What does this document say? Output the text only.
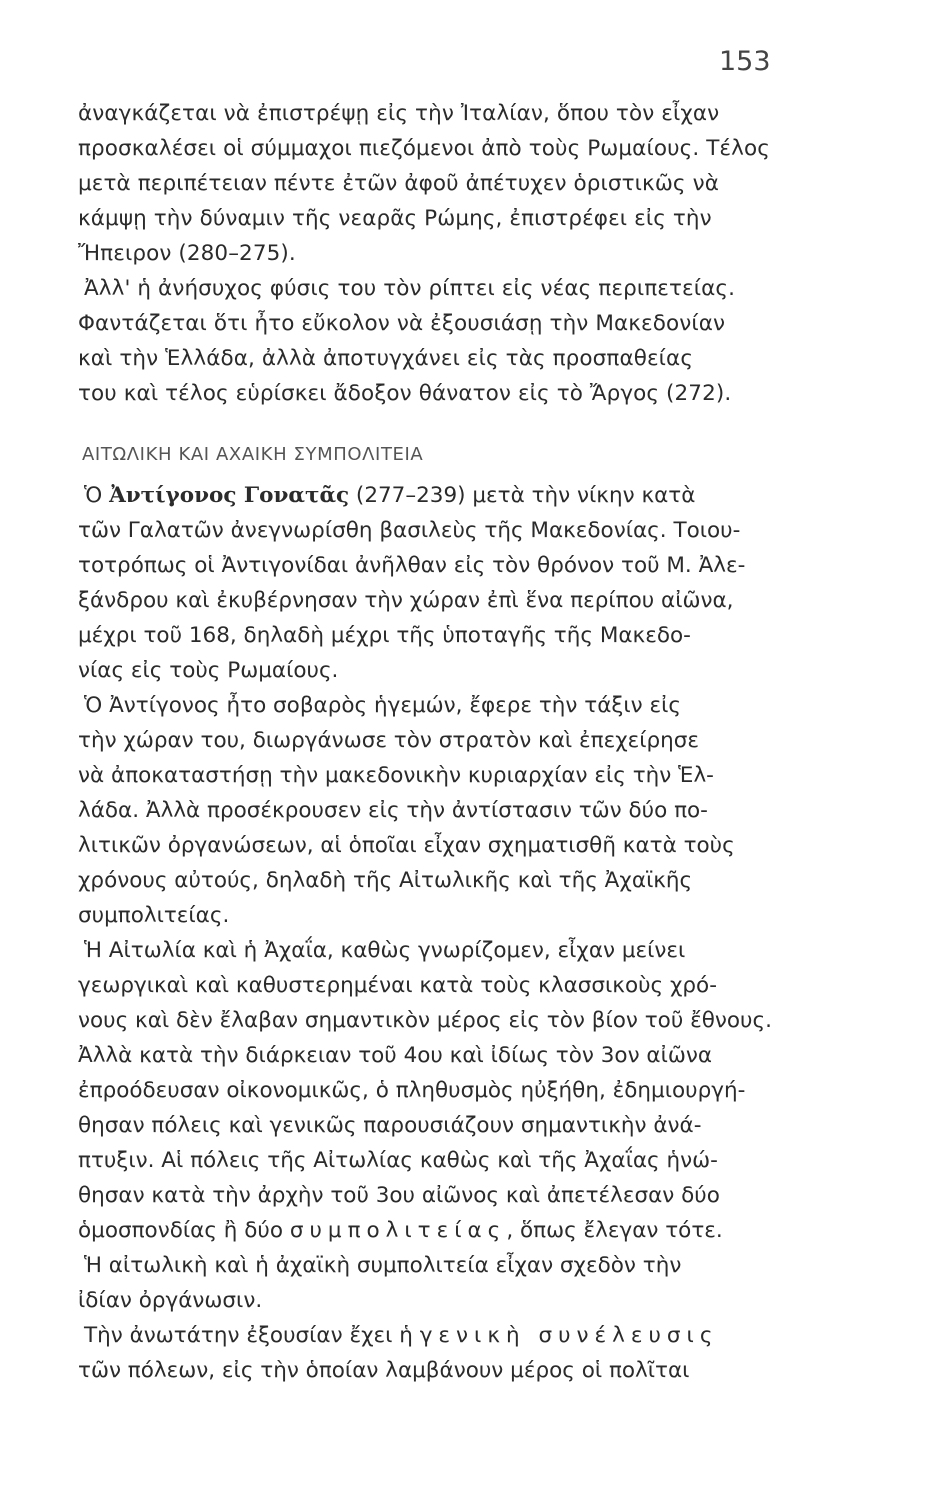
153
ἀναγκάζεται νὰ ἐπιστρέψῃ εἰς τὴν Ἰταλίαν, ὅπου τὸν εἶχαν
προσκαλέσει οἱ σύμμαχοι πιεζόμενοι ἀπὸ τοὺς Ρωμαίους. Τέλος
μετὰ περιπέτειαν πέντε ἐτῶν ἀφοῦ ἀπέτυχεν ὁριστικῶς νὰ
κάμψῃ τὴν δύναμιν τῆς νεαρᾶς Ρώμης, ἐπιστρέφει εἰς τὴν
Ἤπειρον (280–275).
Ἀλλ' ἡ ἀνήσυχος φύσις του τὸν ρίπτει εἰς νέας περιπετείας.
Φαντάζεται ὅτι ἦτο εὔκολον νὰ ἐξουσιάσῃ τὴν Μακεδονίαν
καὶ τὴν Ἑλλάδα, ἀλλὰ ἀποτυγχάνει εἰς τὰς προσπαθείας
του καὶ τέλος εὑρίσκει ἄδοξον θάνατον εἰς τὸ Ἄργος (272).
ΑΙΤΩΛΙΚΗ ΚΑΙ ΑΧΑΙΚΗ ΣΥΜΠΟΛΙΤΕΙΑ
Ὁ Ἀντίγονος Γονατᾶς (277–239) μετὰ τὴν νίκην κατὰ
τῶν Γαλατῶν ἀνεγνωρίσθη βασιλεὺς τῆς Μακεδονίας. Τοιου-
τοτρόπως οἱ Ἀντιγονίδαι ἀνῆλθαν εἰς τὸν θρόνον τοῦ Μ. Ἀλε-
ξάνδρου καὶ ἐκυβέρνησαν τὴν χώραν ἐπὶ ἕνα περίπου αἰῶνα,
μέχρι τοῦ 168, δηλαδὴ μέχρι τῆς ὑποταγῆς τῆς Μακεδο-
νίας εἰς τοὺς Ρωμαίους.
Ὁ Ἀντίγονος ἦτο σοβαρὸς ἡγεμών, ἔφερε τὴν τάξιν εἰς
τὴν χώραν του, διωργάνωσε τὸν στρατὸν καὶ ἐπεχείρησε
νὰ ἀποκαταστήσῃ τὴν μακεδονικὴν κυριαρχίαν εἰς τὴν Ἑλ-
λάδα. Ἀλλὰ προσέκρουσεν εἰς τὴν ἀντίστασιν τῶν δύο πο-
λιτικῶν ὀργανώσεων, αἱ ὁποῖαι εἶχαν σχηματισθῆ κατὰ τοὺς
χρόνους αὐτούς, δηλαδὴ τῆς Αἰτωλικῆς καὶ τῆς Ἀχαϊκῆς
συμπολιτείας.
Ἡ Αἰτωλία καὶ ἡ Ἀχαΐα, καθὼς γνωρίζομεν, εἶχαν μείνει
γεωργικαὶ καὶ καθυστερημέναι κατὰ τοὺς κλασσικοὺς χρό-
νους καὶ δὲν ἔλαβαν σημαντικὸν μέρος εἰς τὸν βίον τοῦ ἔθνους.
Ἀλλὰ κατὰ τὴν διάρκειαν τοῦ 4ου καὶ ἰδίως τὸν 3ον αἰῶνα
ἐπροόδευσαν οἰκονομικῶς, ὁ πληθυσμὸς ηὐξήθη, ἐδημιουργή-
θησαν πόλεις καὶ γενικῶς παρουσιάζουν σημαντικὴν ἀνά-
πτυξιν. Αἱ πόλεις τῆς Αἰτωλίας καθὼς καὶ τῆς Ἀχαΐας ἡνώ-
θησαν κατὰ τὴν ἀρχὴν τοῦ 3ου αἰῶνος καὶ ἀπετέλεσαν δύο
ὁμοσπονδίας ἢ δύο συμπολιτείας, ὅπως ἔλεγαν τότε.
Ἡ αἰτωλικὴ καὶ ἡ ἀχαϊκὴ συμπολιτεία εἶχαν σχεδὸν τὴν
ἰδίαν ὀργάνωσιν.
Τὴν ἀνωτάτην ἐξουσίαν ἔχει ἡ γενικὴ συνέλευσις
τῶν πόλεων, εἰς τὴν ὁποίαν λαμβάνουν μέρος οἱ πολῖται
